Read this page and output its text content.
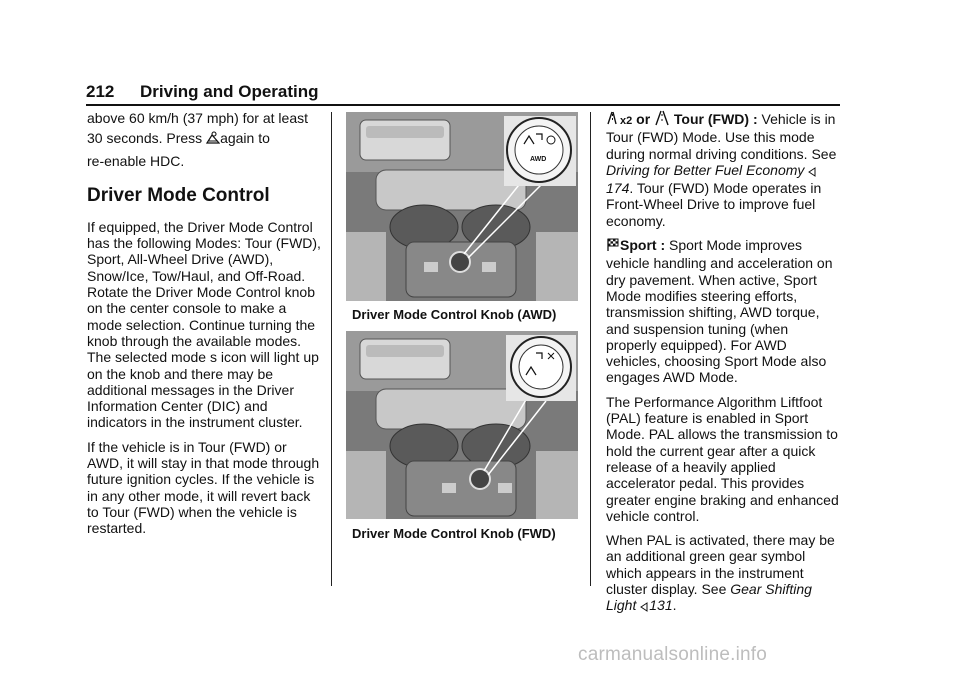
212 Driving and Operating

above 60 km/h (37 mph) for at least

30 seconds. Press again to

re-enable HDC.

Driver Mode Control

If equipped, the Driver Mode Control has the following Modes: Tour (FWD), Sport, All-Wheel Drive (AWD), Snow/Ice, Tow/Haul, and Off-Road. Rotate the Driver Mode Control knob on the center console to make a mode selection. Continue turning the knob through the available modes. The selected mode s icon will light up on the knob and there may be additional messages in the Driver Information Center (DIC) and indicators in the instrument cluster.

If the vehicle is in Tour (FWD) or AWD, it will stay in that mode through future ignition cycles. If the vehicle is in any other mode, it will revert back to Tour (FWD) when the vehicle is restarted.

AWD
Driver Mode Control Knob (AWD)
Driver Mode Control Knob (FWD)

x2 or Tour (FWD) : Vehicle is in Tour (FWD) Mode. Use this mode during normal driving conditions. See Driving for Better Fuel Economy 174. Tour (FWD) Mode operates in Front-Wheel Drive to improve fuel economy.

Sport : Sport Mode improves vehicle handling and acceleration on dry pavement. When active, Sport Mode modifies steering efforts, transmission shifting, AWD torque, and suspension tuning (when properly equipped). For AWD vehicles, choosing Sport Mode also engages AWD Mode.

The Performance Algorithm Liftfoot (PAL) feature is enabled in Sport Mode. PAL allows the transmission to hold the current gear after a quick release of a heavily applied accelerator pedal. This provides greater engine braking and enhanced vehicle control.

When PAL is activated, there may be an additional green gear symbol which appears in the instrument cluster display. See Gear Shifting Light 131.

carmanualsonline.info
